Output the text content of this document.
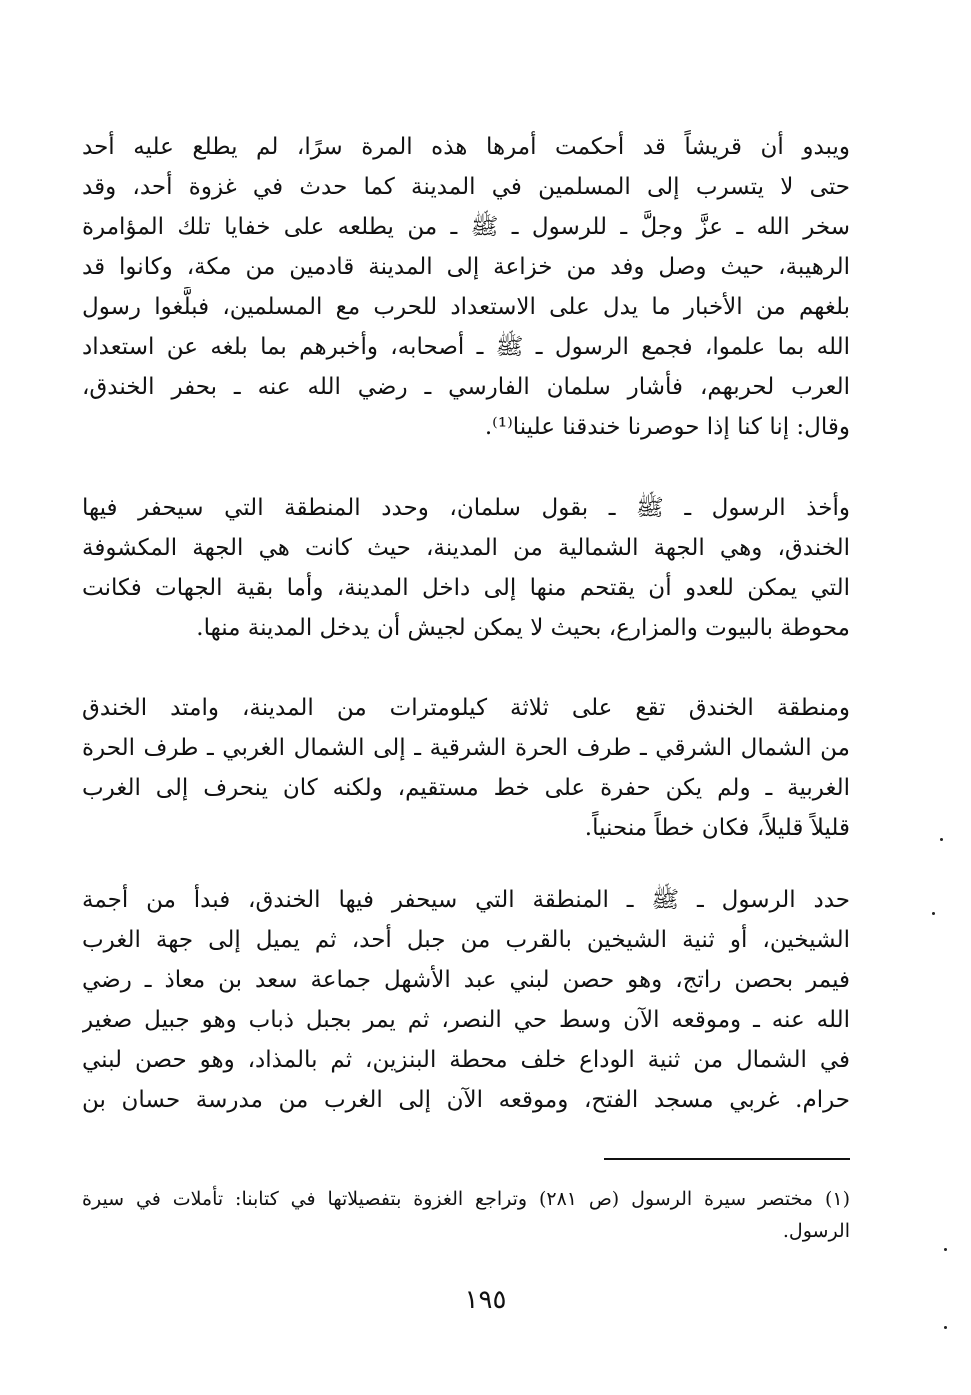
ويبدو أن قريشاً قد أحكمت أمرها هذه المرة سرًا، لم يطلع عليه أحد
حتى لا يتسرب إلى المسلمين في المدينة كما حدث في غزوة أحد، وقد
سخر الله ـ عزَّ وجلَّ ـ للرسول ـ ﷺ ـ من يطلعه على خفايا تلك المؤامرة
الرهيبة، حيث وصل وفد من خزاعة إلى المدينة قادمين من مكة، وكانوا قد
بلغهم من الأخبار ما يدل على الاستعداد للحرب مع المسلمين، فبلَّغوا رسول
الله بما علموا، فجمع الرسول ـ ﷺ ـ أصحابه، وأخبرهم بما بلغه عن استعداد
العرب لحربهم، فأشار سلمان الفارسي ـ رضي الله عنه ـ بحفر الخندق،
وقال: إنا كنا إذا حوصرنا خندقنا علينا⁽¹⁾.
وأخذ الرسول ـ ﷺ ـ بقول سلمان، وحدد المنطقة التي سيحفر فيها
الخندق، وهي الجهة الشمالية من المدينة، حيث كانت هي الجهة المكشوفة
التي يمكن للعدو أن يقتحم منها إلى داخل المدينة، وأما بقية الجهات فكانت
محوطة بالبيوت والمزارع، بحيث لا يمكن لجيش أن يدخل المدينة منها.
ومنطقة الخندق تقع على ثلاثة كيلومترات من المدينة، وامتد الخندق
من الشمال الشرقي ـ طرف الحرة الشرقية ـ إلى الشمال الغربي ـ طرف الحرة
الغربية ـ ولم يكن حفرة على خط مستقيم، ولكنه كان ينحرف إلى الغرب
قليلاً قليلاً، فكان خطاً منحنياً.
حدد الرسول ـ ﷺ ـ المنطقة التي سيحفر فيها الخندق، فبدأ من أجمة
الشيخين، أو ثنية الشيخين بالقرب من جبل أحد، ثم يميل إلى جهة الغرب
فيمر بحصن راتج، وهو حصن لبني عبد الأشهل جماعة سعد بن معاذ ـ رضي
الله عنه ـ وموقعه الآن وسط حي النصر، ثم يمر بجبل ذباب وهو جبيل صغير
في الشمال من ثنية الوداع خلف محطة البنزين، ثم بالمذاد، وهو حصن لبني
حرام. غربي مسجد الفتح، وموقعه الآن إلى الغرب من مدرسة حسان بن
(١) مختصر سيرة الرسول (ص ٢٨١) وتراجع الغزوة بتفصيلاتها في كتابنا: تأملات في سيرة
الرسول.
١٩٥
